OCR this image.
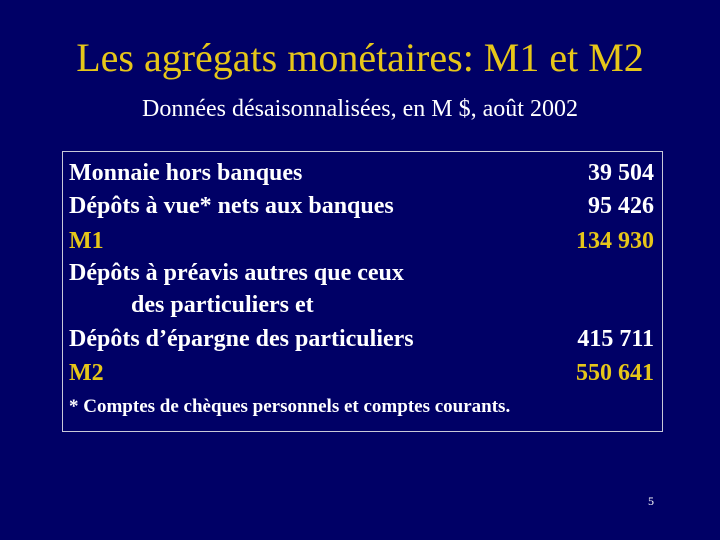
Les agrégats monétaires: M1 et M2
Données désaisonnalisées, en M $, août 2002
Monnaie hors banques	39 504
Dépôts à vue* nets aux banques	95 426
M1	134 930
Dépôts à préavis autres que ceux
des particuliers et
Dépôts d’épargne des particuliers	415 711
M2	550 641
* Comptes de chèques personnels et comptes courants.
5
